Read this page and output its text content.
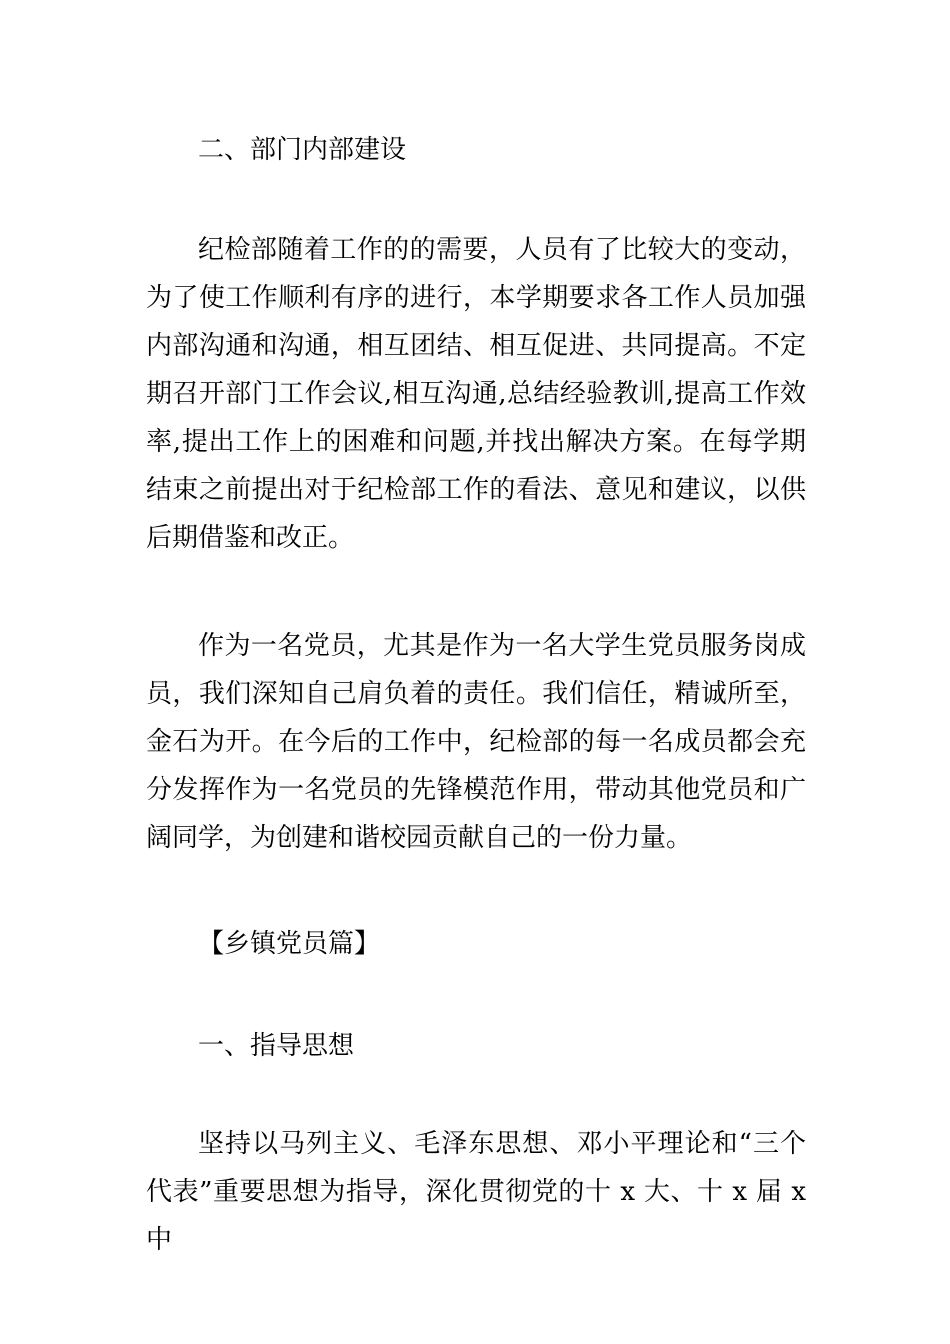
二、部门内部建设

纪检部随着工作的的需要，人员有了比较大的变动，为了使工作顺利有序的进行，本学期要求各工作人员加强内部沟通和沟通，相互团结、相互促进、共同提高。不定期召开部门工作会议,相互沟通,总结经验教训,提高工作效率,提出工作上的困难和问题,并找出解决方案。在每学期结束之前提出对于纪检部工作的看法、意见和建议，以供后期借鉴和改正。

作为一名党员，尤其是作为一名大学生党员服务岗成员，我们深知自己肩负着的责任。我们信任，精诚所至，金石为开。在今后的工作中，纪检部的每一名成员都会充分发挥作为一名党员的先锋模范作用，带动其他党员和广阔同学，为创建和谐校园贡献自己的一份力量。

【乡镇党员篇】

一、指导思想

坚持以马列主义、毛泽东思想、邓小平理论和“三个代表”重要思想为指导，深化贯彻党的十 x 大、十 x 届 x 中
